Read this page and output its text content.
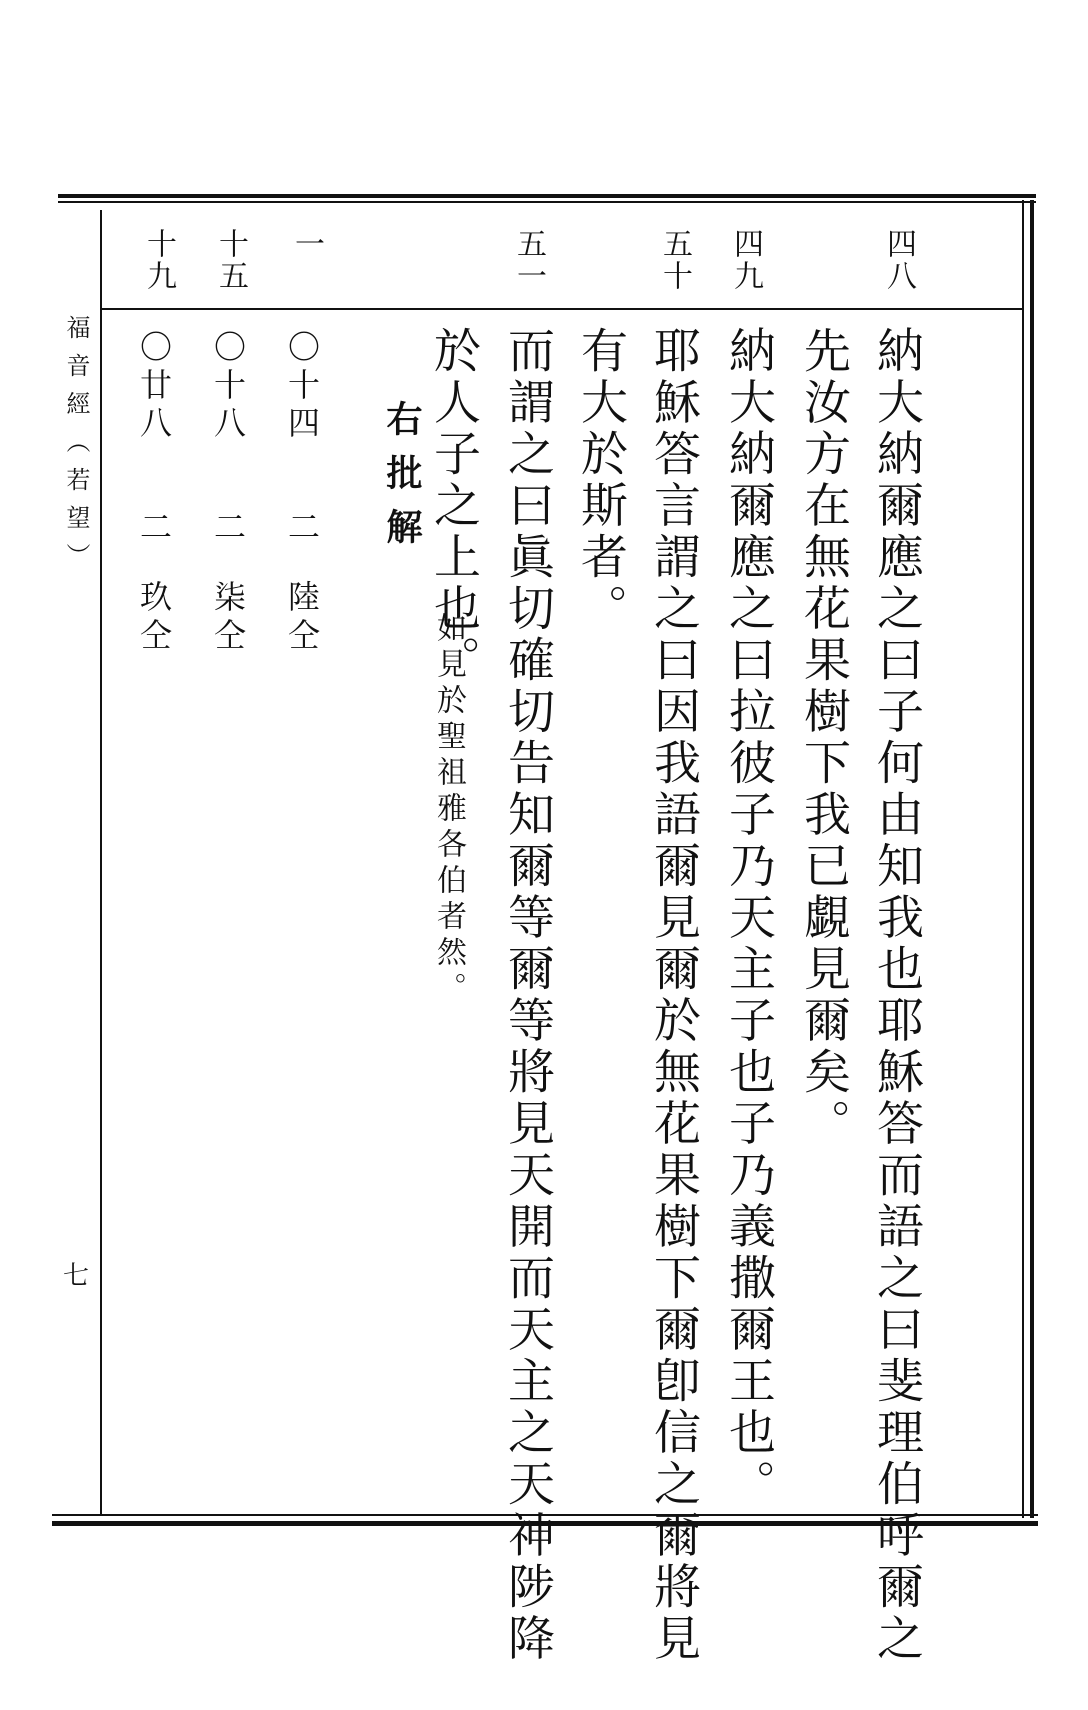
福音經（若望）
七
四八
四九
五十
五一
納大納爾應之曰子何由知我也耶穌答而語之曰斐理伯呼爾之
先汝方在無花果樹下我已覷見爾矣。
納大納爾應之曰拉彼子乃天主子也子乃義撒爾王也。
耶穌答言謂之曰因我語爾見爾於無花果樹下爾卽信之爾將見
有大於斯者。
而謂之曰眞切確切告知爾等爾等將見天開而天主之天神陟降
於人子之上也。
如見於聖祖雅各伯者然。
右批解
一
〇十四
二
陸仝
十五
〇十八
二
柒仝
十九
〇廿八
二
玖仝
